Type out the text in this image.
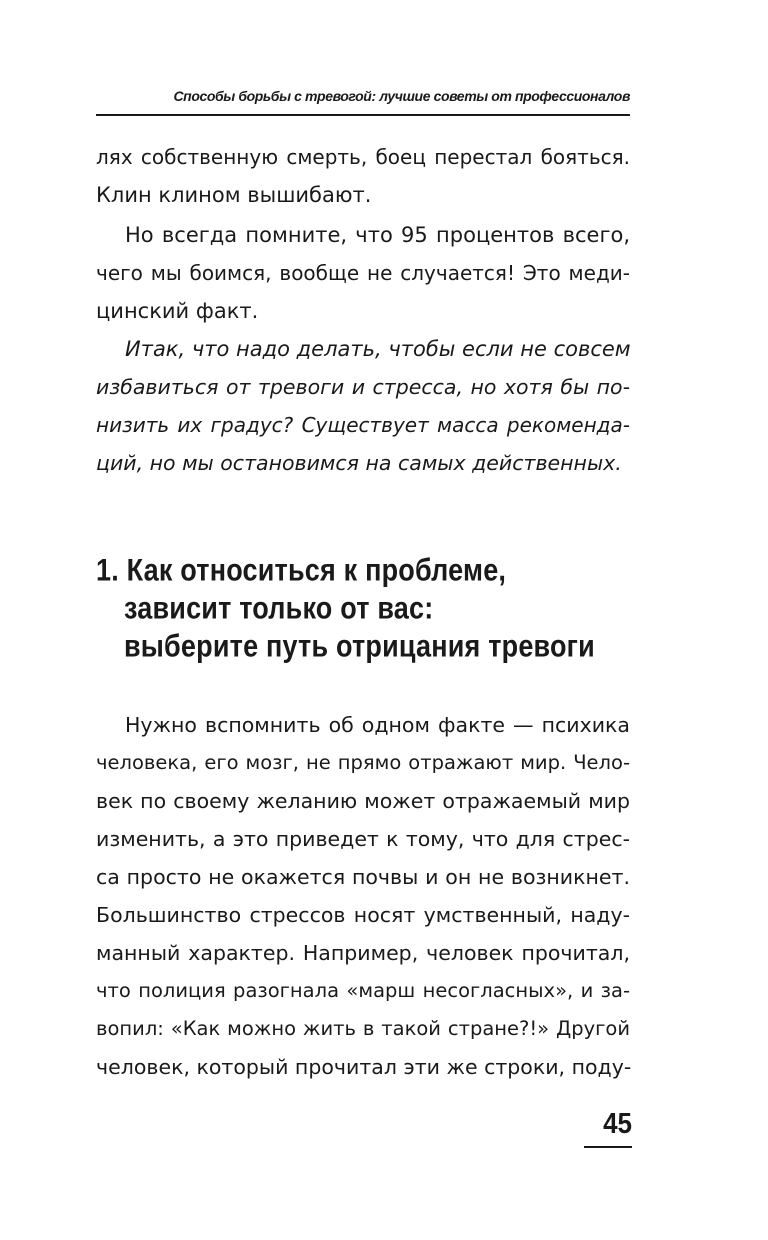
Способы борьбы с тревогой: лучшие советы от профессионалов
лях собственную смерть, боец перестал бояться.
Клин клином вышибают.
Но всегда помните, что 95 процентов всего,
чего мы боимся, вообще не случается! Это меди-
цинский факт.
Итак, что надо делать, чтобы если не совсем
избавиться от тревоги и стресса, но хотя бы по-
низить их градус? Существует масса рекоменда-
ций, но мы остановимся на самых действенных.
1. Как относиться к проблеме,
зависит только от вас:
выберите путь отрицания тревоги
Нужно вспомнить об одном факте — психика
человека, его мозг, не прямо отражают мир. Чело-
век по своему желанию может отражаемый мир
изменить, а это приведет к тому, что для стрес-
са просто не окажется почвы и он не возникнет.
Большинство стрессов носят умственный, наду-
манный характер. Например, человек прочитал,
что полиция разогнала «марш несогласных», и за-
вопил: «Как можно жить в такой стране?!» Другой
человек, который прочитал эти же строки, поду-
45
